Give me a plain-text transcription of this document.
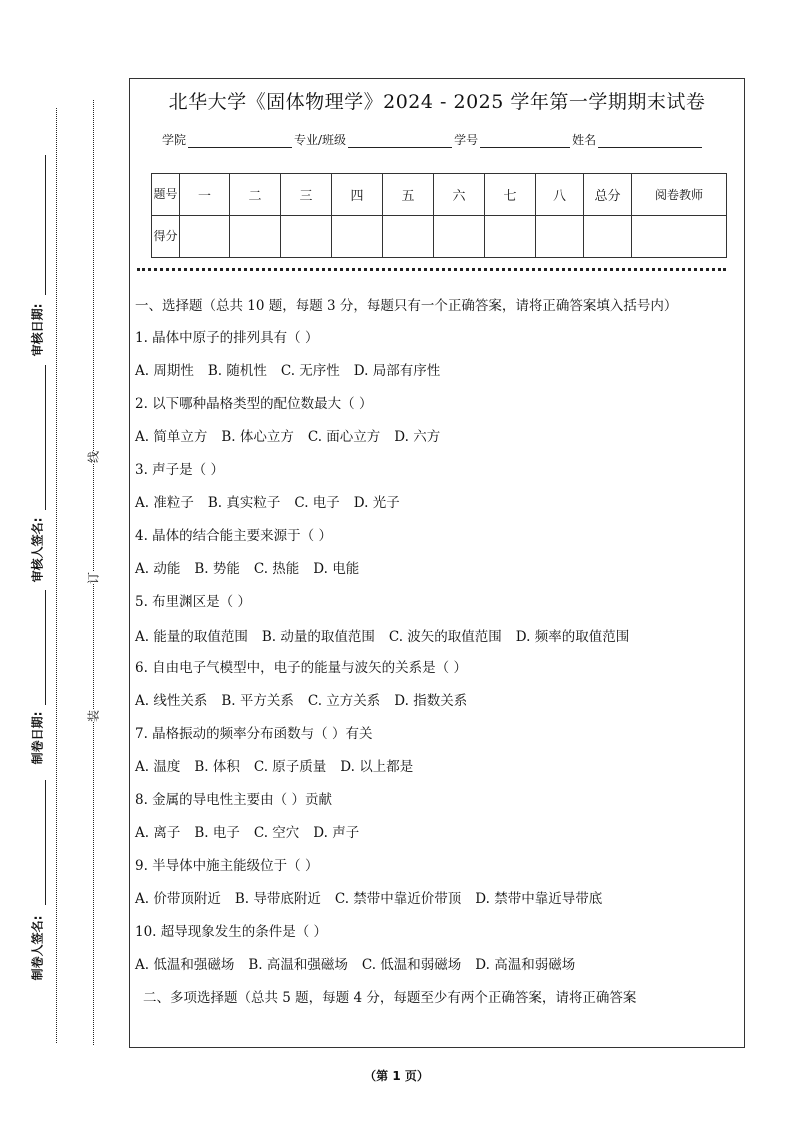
审核日期:
审核人签名:
制卷日期:
制卷人签名:
线
订
装
北华大学《固体物理学》2024 - 2025 学年第一学期期末试卷
学院	专业/班级	学号	姓名
题号	一	二	三	四	五	六	七	八	总分	阅卷教师
得分										
一、选择题（总共 10 题，每题 3 分，每题只有一个正确答案，请将正确答案填入括号内）
1. 晶体中原子的排列具有（ ）
A. 周期性 B. 随机性 C. 无序性 D. 局部有序性
2. 以下哪种晶格类型的配位数最大（ ）
A. 简单立方 B. 体心立方 C. 面心立方 D. 六方
3. 声子是（ ）
A. 准粒子 B. 真实粒子 C. 电子 D. 光子
4. 晶体的结合能主要来源于（ ）
A. 动能 B. 势能 C. 热能 D. 电能
5. 布里渊区是（ ）
A. 能量的取值范围 B. 动量的取值范围 C. 波矢的取值范围 D. 频率的取值范围
6. 自由电子气模型中，电子的能量与波矢的关系是（ ）
A. 线性关系 B. 平方关系 C. 立方关系 D. 指数关系
7. 晶格振动的频率分布函数与（ ）有关
A. 温度 B. 体积 C. 原子质量 D. 以上都是
8. 金属的导电性主要由（ ）贡献
A. 离子 B. 电子 C. 空穴 D. 声子
9. 半导体中施主能级位于（ ）
A. 价带顶附近 B. 导带底附近 C. 禁带中靠近价带顶 D. 禁带中靠近导带底
10. 超导现象发生的条件是（ ）
A. 低温和强磁场 B. 高温和强磁场 C. 低温和弱磁场 D. 高温和弱磁场
二、多项选择题（总共 5 题，每题 4 分，每题至少有两个正确答案，请将正确答案
（第 1 页）
